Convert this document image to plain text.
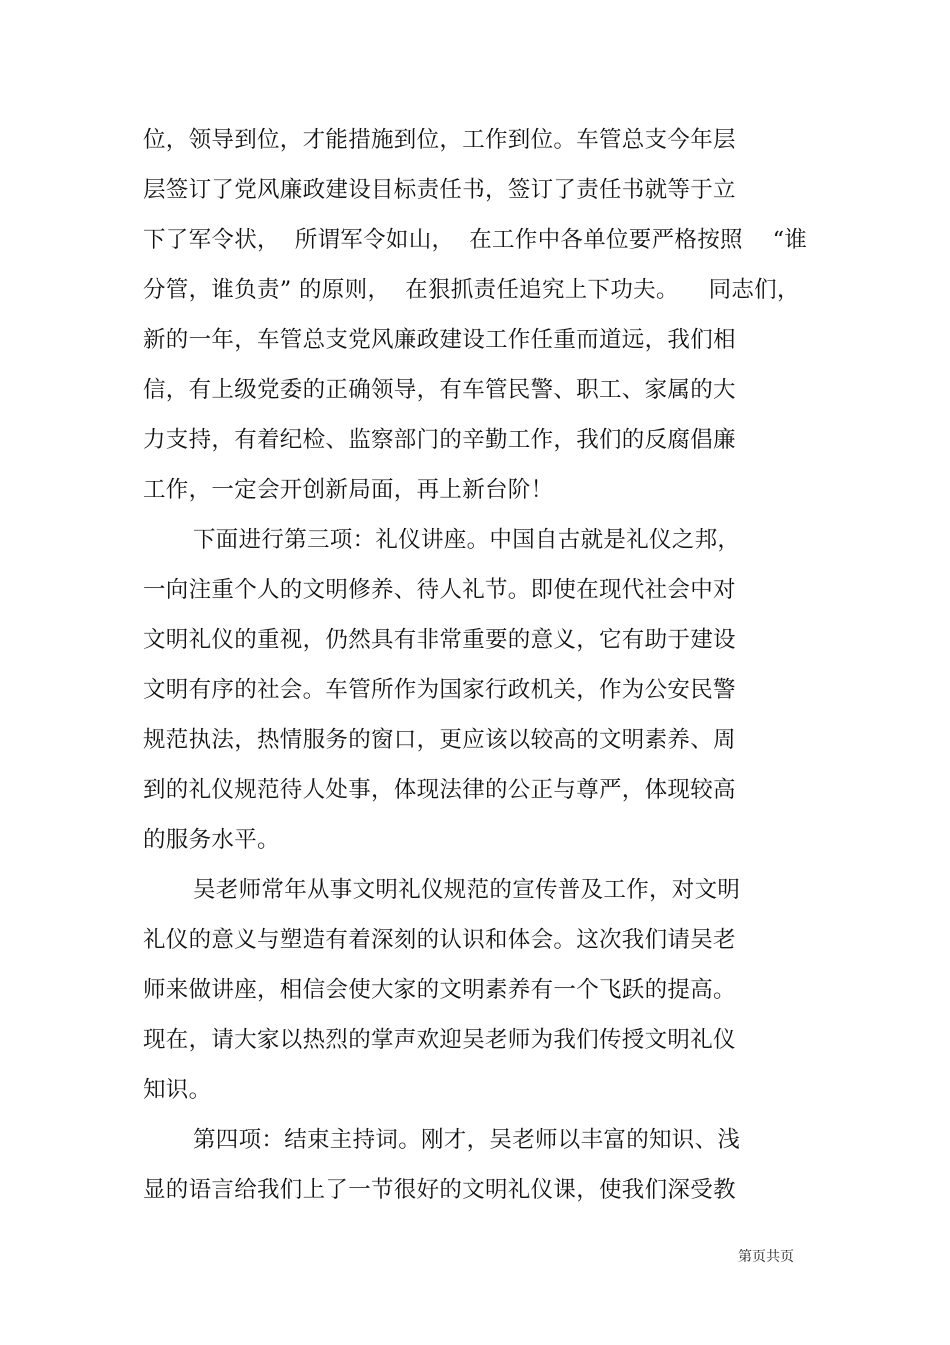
位，领导到位，才能措施到位，工作到位。车管总支今年层
层签订了党风廉政建设目标责任书，签订了责任书就等于立
下了军令状，  所谓军令如山，  在工作中各单位要严格按照    “谁
分管，谁负责” 的原则，  在狠抓责任追究上下功夫。    同志们，
新的一年，车管总支党风廉政建设工作任重而道远，我们相
信，有上级党委的正确领导，有车管民警、职工、家属的大
力支持，有着纪检、监察部门的辛勤工作，我们的反腐倡廉
工作，一定会开创新局面，再上新台阶！
下面进行第三项：礼仪讲座。中国自古就是礼仪之邦，
一向注重个人的文明修养、待人礼节。即使在现代社会中对
文明礼仪的重视，仍然具有非常重要的意义，它有助于建设
文明有序的社会。车管所作为国家行政机关，作为公安民警
规范执法，热情服务的窗口，更应该以较高的文明素养、周
到的礼仪规范待人处事，体现法律的公正与尊严，体现较高
的服务水平。
吴老师常年从事文明礼仪规范的宣传普及工作，对文明
礼仪的意义与塑造有着深刻的认识和体会。这次我们请吴老
师来做讲座，相信会使大家的文明素养有一个飞跃的提高。
现在，请大家以热烈的掌声欢迎吴老师为我们传授文明礼仪
知识。
第四项：结束主持词。刚才，吴老师以丰富的知识、浅
显的语言给我们上了一节很好的文明礼仪课，使我们深受教
第页共页
